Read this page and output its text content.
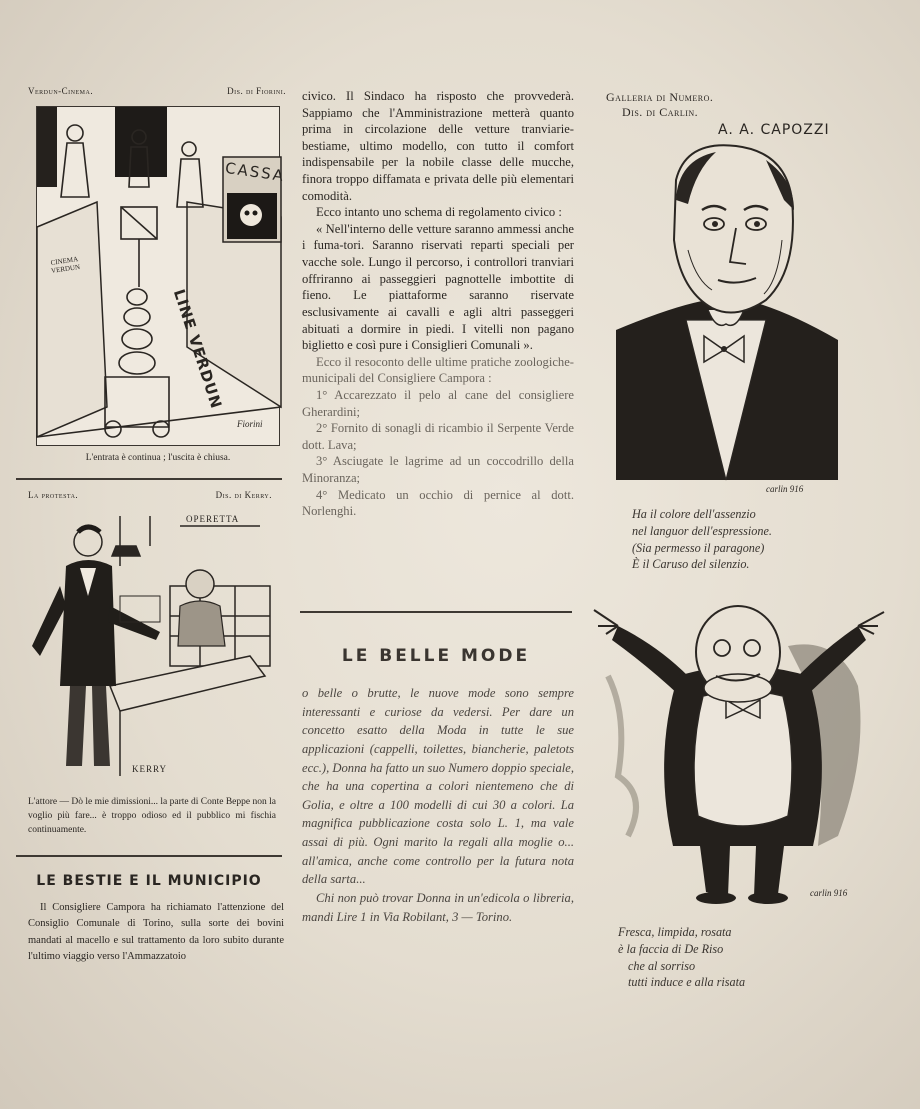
Verdun-Cinema.	Dis. di Fiorini.
CASSA
LINE VERDUN
CINEMA VERDUN
Fiorini
L'entrata è continua ; l'uscita è chiusa.
La protesta.	Dis. di Kerry.
OPERETTA
KERRY
L'attore — Dò le mie dimissioni... la parte di Conte Beppe non la voglio più fare... è troppo odioso ed il pubblico mi fischia continuamente.
LE BESTIE E IL MUNICIPIO
Il Consigliere Campora ha richiamato l'attenzione del Consiglio Comunale di Torino, sulla sorte dei bovini mandati al macello e sul trattamento da loro subito durante l'ultimo viaggio verso l'Ammazzatoio

civico. Il Sindaco ha risposto che provvederà. Sappiamo che l'Amministrazione metterà quanto prima in circolazione delle vetture tranviarie-bestiame, ultimo modello, con tutto il comfort indispensabile per la nobile classe delle mucche, finora troppo diffamata e privata delle più elementari comodità.

Ecco intanto uno schema di regolamento civico :

« Nell'interno delle vetture saranno ammessi anche i fuma-tori. Saranno riservati reparti speciali per vacche sole. Lungo il percorso, i controllori tranviari offriranno ai passeggieri pagnottelle imbottite di fieno. Le piattaforme saranno riservate esclusivamente ai cavalli e agli altri passeggeri abituati a dormire in piedi. I vitelli non pagano biglietto e così pure i Consiglieri Comunali ».

Ecco il resoconto delle ultime pratiche zoologiche-municipali del Consigliere Campora :

1° Accarezzato il pelo al cane del consigliere Gherardini;

2° Fornito di sonagli di ricambio il Serpente Verde dott. Lava;

3° Asciugate le lagrime ad un coccodrillo della Minoranza;

4° Medicato un occhio di pernice al dott. Norlenghi.

LE BELLE MODE

o belle o brutte, le nuove mode sono sempre interessanti e curiose da vedersi. Per dare un concetto esatto della Moda in tutte le sue applicazioni (cappelli, toilettes, biancherie, paletots ecc.), Donna ha fatto un suo Numero doppio speciale, che ha una copertina a colori nientemeno che di Golia, e oltre a 100 modelli di cui 30 a colori. La magnifica pubblicazione costa solo L. 1, ma vale assai di più. Ogni marito la regali alla moglie o... all'amica, anche come controllo per la futura nota della sarta...

Chi non può trovar Donna in un'edicola o libreria, mandi Lire 1 in Via Robilant, 3 — Torino.

Galleria di Numero.
Dis. di Carlin.
A. A. CAPOZZI
carlin 916
Ha il colore dell'assenzio
nel languor dell'espressione.
(Sia permesso il paragone)
È il Caruso del silenzio.
carlin 916
Fresca, limpida, rosata
è la faccia di De Riso
che al sorriso
tutti induce e alla risata
